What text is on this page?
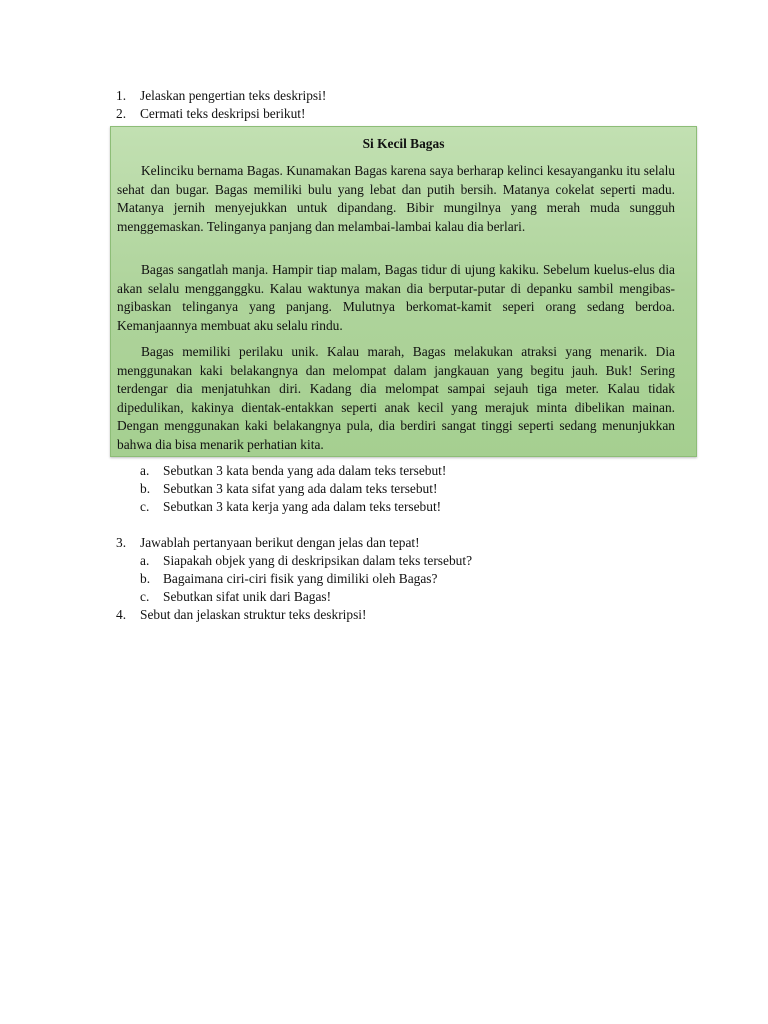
1. Jelaskan pengertian teks deskripsi!
2. Cermati teks deskripsi berikut!
Si Kecil Bagas

Kelinciku bernama Bagas. Kunamakan Bagas karena saya berharap kelinci kesayanganku itu selalu sehat dan bugar. Bagas memiliki bulu yang lebat dan putih bersih. Matanya cokelat seperti madu. Matanya jernih menyejukkan untuk dipandang. Bibir mungilnya yang merah muda sungguh menggemaskan. Telinganya panjang dan melambai-lambai kalau dia berlari.

Bagas sangatlah manja. Hampir tiap malam, Bagas tidur di ujung kakiku. Sebelum kuelus-elus dia akan selalu mengganggku. Kalau waktunya makan dia berputar-putar di depanku sambil mengibas-ngibaskan telinganya yang panjang. Mulutnya berkomat-kamit seperi orang sedang berdoa. Kemanjaannya membuat aku selalu rindu.

Bagas memiliki perilaku unik. Kalau marah, Bagas melakukan atraksi yang menarik. Dia menggunakan kaki belakangnya dan melompat dalam jangkauan yang begitu jauh. Buk! Sering terdengar dia menjatuhkan diri. Kadang dia melompat sampai sejauh tiga meter. Kalau tidak dipedulikan, kakinya dientak-entakkan seperti anak kecil yang merajuk minta dibelikan mainan. Dengan menggunakan kaki belakangnya pula, dia berdiri sangat tinggi seperti sedang menunjukkan bahwa dia bisa menarik perhatian kita.

a. Sebutkan 3 kata benda yang ada dalam teks tersebut!
b. Sebutkan 3 kata sifat yang ada dalam teks tersebut!
c. Sebutkan 3 kata kerja yang ada dalam teks tersebut!
3. Jawablah pertanyaan berikut dengan jelas dan tepat!
a. Siapakah objek yang di deskripsikan dalam teks tersebut?
b. Bagaimana ciri-ciri fisik yang dimiliki oleh Bagas?
c. Sebutkan sifat unik dari Bagas!
4. Sebut dan jelaskan struktur teks deskripsi!
